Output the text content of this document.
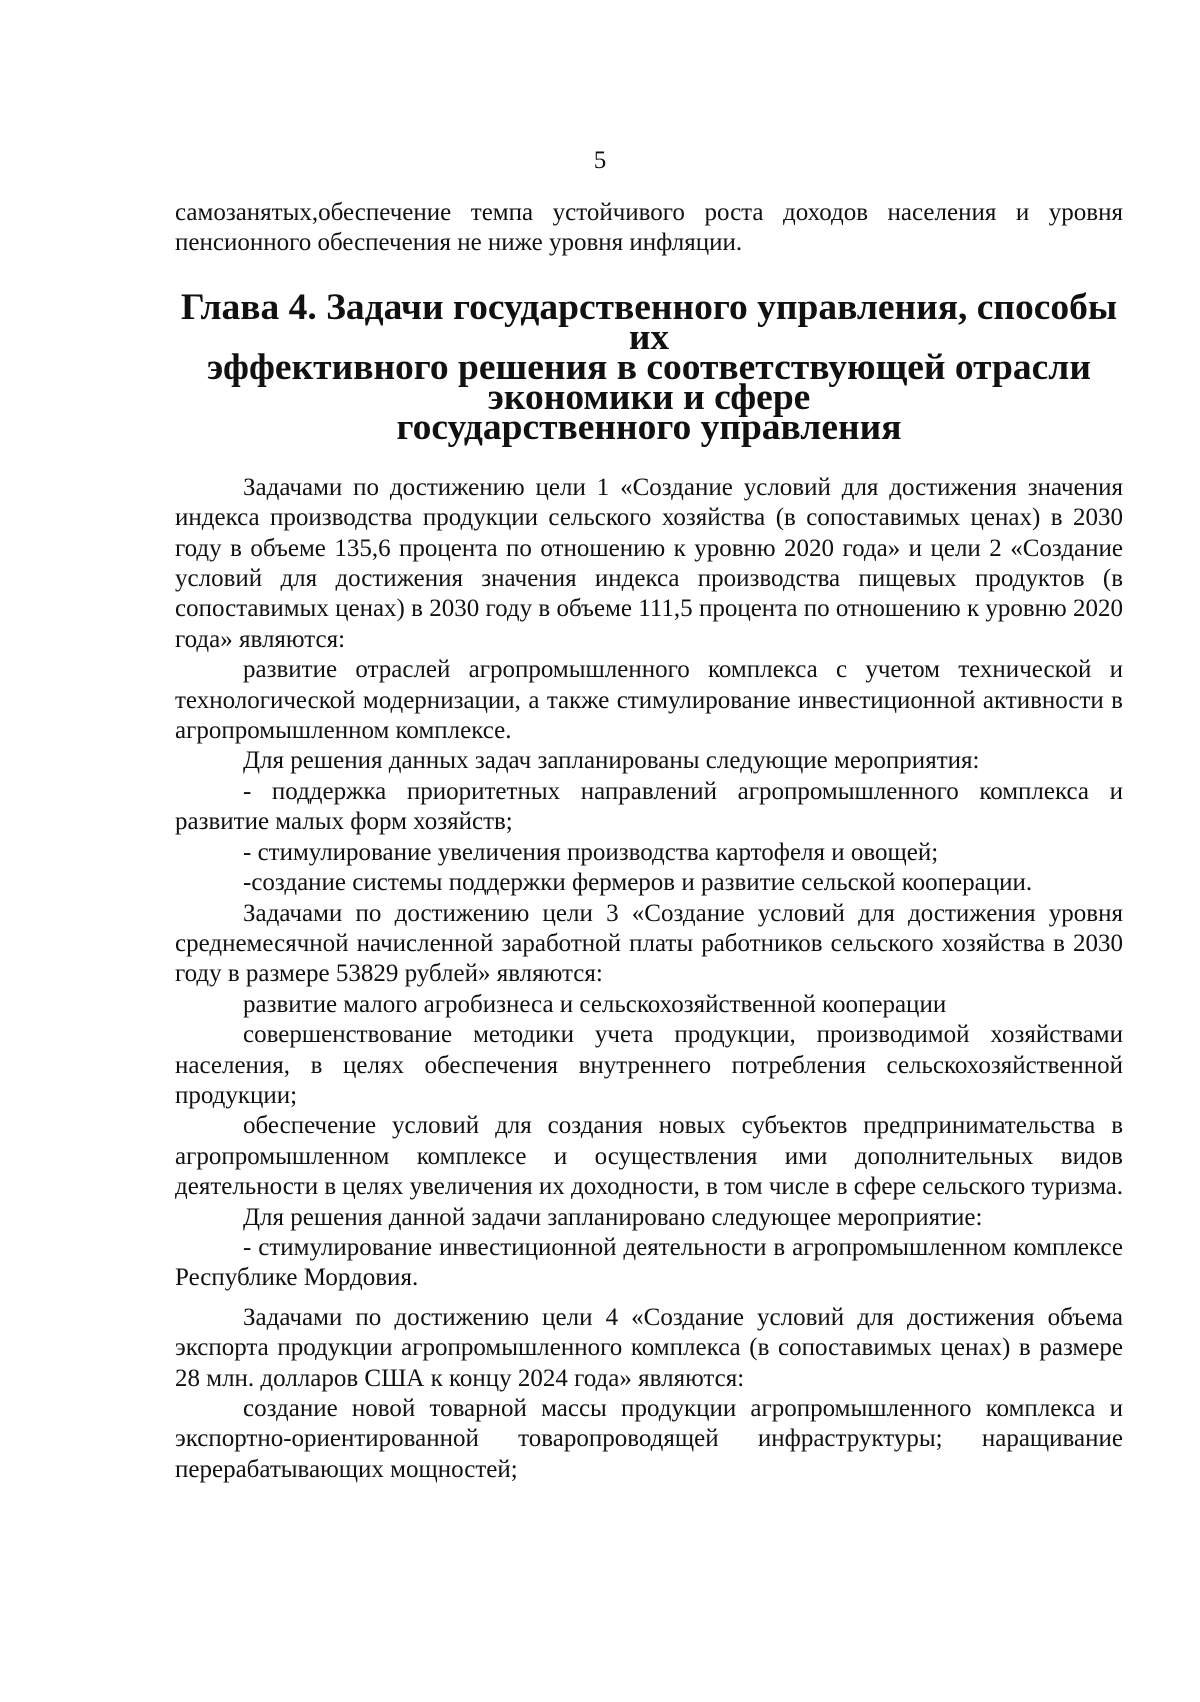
5

самозанятых,обеспечение темпа устойчивого роста доходов населения и уровня пенсионного обеспечения не ниже уровня инфляции.

Глава 4. Задачи государственного управления, способы их
эффективного решения в соответствующей отрасли экономики и сфере
государственного управления

Задачами по достижению цели 1 «Создание условий для достижения значения индекса производства продукции сельского хозяйства (в сопоставимых ценах) в 2030 году в объеме 135,6 процента по отношению к уровню 2020 года» и цели 2 «Создание условий для достижения значения индекса производства пищевых продуктов (в сопоставимых ценах) в 2030 году в объеме 111,5 процента по отношению к уровню 2020 года» являются:

развитие отраслей агропромышленного комплекса с учетом технической и технологической модернизации, а также стимулирование инвестиционной активности в агропромышленном комплексе.

Для решения данных задач запланированы следующие мероприятия:

- поддержка приоритетных направлений агропромышленного комплекса и развитие малых форм хозяйств;

- стимулирование увеличения производства картофеля и овощей;

-создание системы поддержки фермеров и развитие сельской кооперации.

Задачами по достижению цели 3 «Создание условий для достижения уровня среднемесячной начисленной заработной платы работников сельского хозяйства в 2030 году в размере 53829 рублей» являются:

развитие малого агробизнеса и сельскохозяйственной кооперации

совершенствование методики учета продукции, производимой хозяйствами населения, в целях обеспечения внутреннего потребления сельскохозяйственной продукции;

обеспечение условий для создания новых субъектов предпринимательства в агропромышленном комплексе и осуществления ими дополнительных видов деятельности в целях увеличения их доходности, в том числе в сфере сельского туризма.

Для решения данной задачи запланировано следующее мероприятие:

- стимулирование инвестиционной деятельности в агропромышленном комплексе Республике Мордовия.

Задачами по достижению цели 4 «Создание условий для достижения объема экспорта продукции агропромышленного комплекса (в сопоставимых ценах) в размере 28 млн. долларов США к концу 2024 года» являются:

создание новой товарной массы продукции агропромышленного комплекса и экспортно-ориентированной товаропроводящей инфраструктуры; наращивание перерабатывающих мощностей;
